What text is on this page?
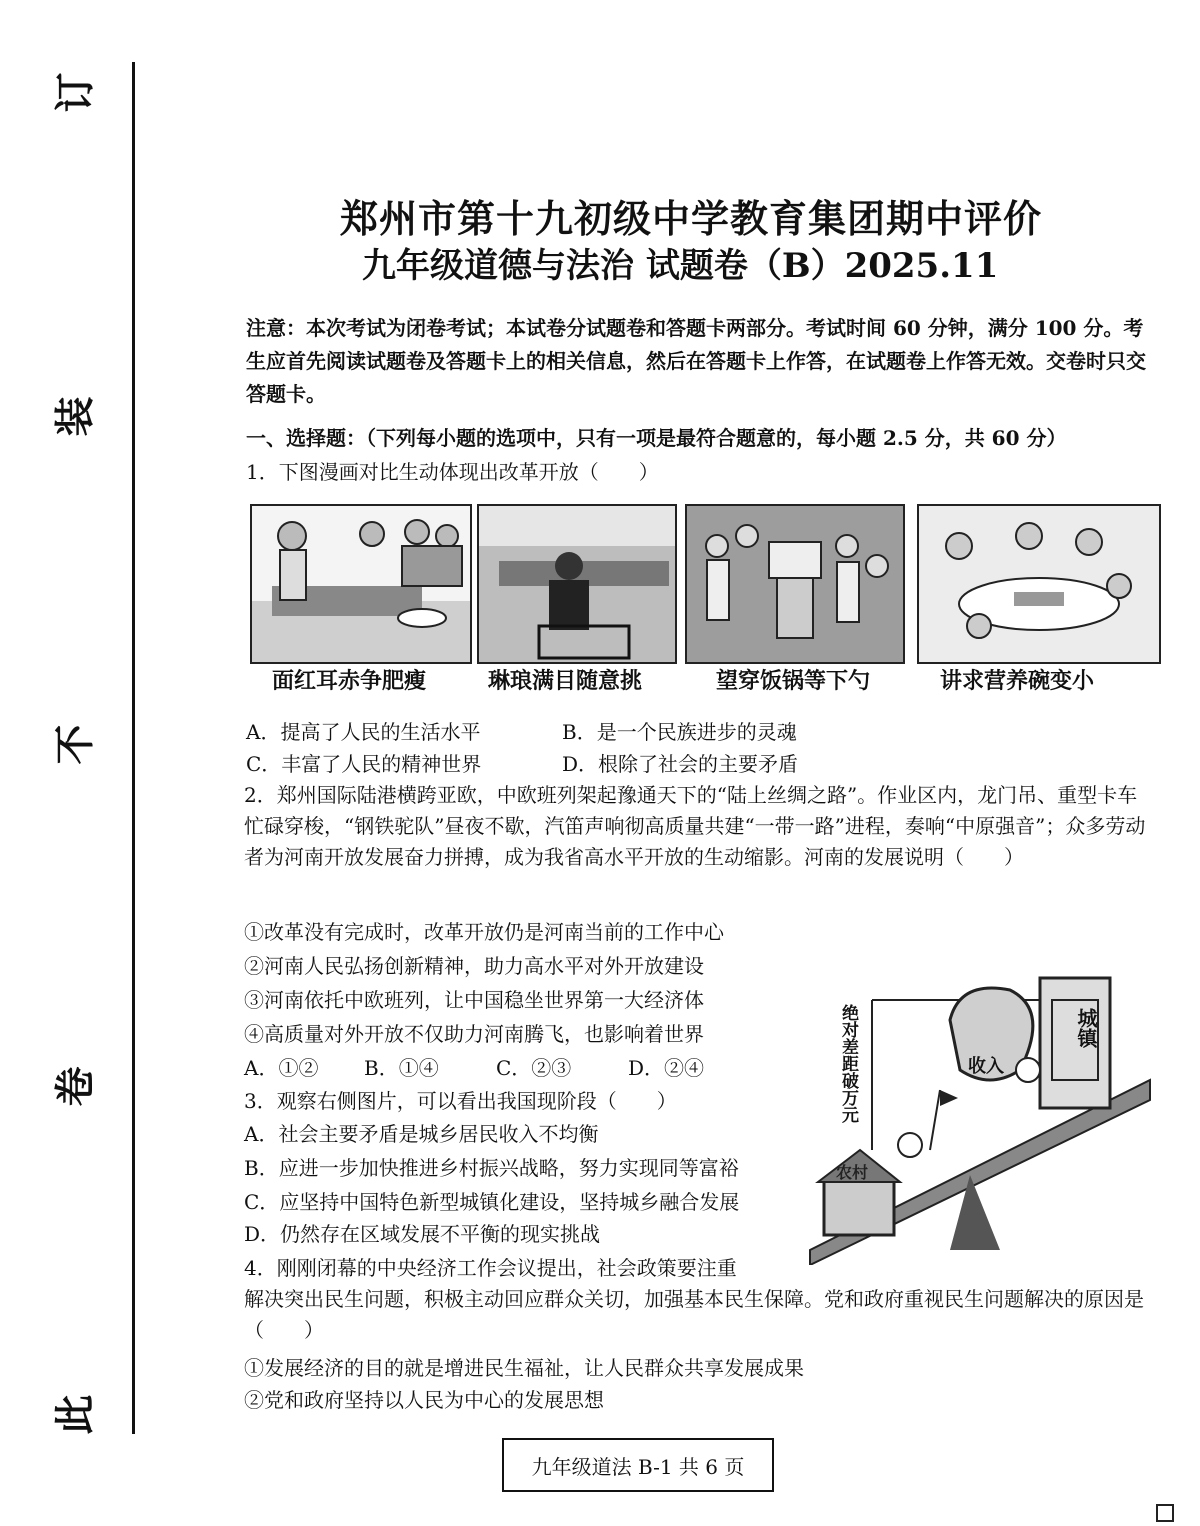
订
装
不
卷
此
郑州市第十九初级中学教育集团期中评价
九年级道德与法治 试题卷（B）2025.11
注意：本次考试为闭卷考试；本试卷分试题卷和答题卡两部分。考试时间 60 分钟，满分 100 分。考生应首先阅读试题卷及答题卡上的相关信息，然后在答题卡上作答，在试题卷上作答无效。交卷时只交答题卡。
一、选择题：（下列每小题的选项中，只有一项是最符合题意的，每小题 2.5 分，共 60 分）
1．下图漫画对比生动体现出改革开放（　　）
面红耳赤争肥瘦	琳琅满目随意挑	望穿饭锅等下勺	讲求营养碗变小
A．提高了人民的生活水平	B．是一个民族进步的灵魂
C．丰富了人民的精神世界	D．根除了社会的主要矛盾
2．郑州国际陆港横跨亚欧，中欧班列架起豫通天下的“陆上丝绸之路”。作业区内，龙门吊、重型卡车忙碌穿梭，“钢铁驼队”昼夜不歇，汽笛声响彻高质量共建“一带一路”进程，奏响“中原强音”；众多劳动者为河南开放发展奋力拼搏，成为我省高水平开放的生动缩影。河南的发展说明（　　）
①改革没有完成时，改革开放仍是河南当前的工作中心
②河南人民弘扬创新精神，助力高水平对外开放建设
③河南依托中欧班列，让中国稳坐世界第一大经济体
④高质量对外开放不仅助力河南腾飞，也影响着世界
A．①② B．①④	C．②③	D．②④
3．观察右侧图片，可以看出我国现阶段（　　）
A．社会主要矛盾是城乡居民收入不均衡
B．应进一步加快推进乡村振兴战略，努力实现同等富裕
C．应坚持中国特色新型城镇化建设，坚持城乡融合发展
D．仍然存在区域发展不平衡的现实挑战
绝对差距破万元	城镇
收入
农村
4．刚刚闭幕的中央经济工作会议提出，社会政策要注重
解决突出民生问题，积极主动回应群众关切，加强基本民生保障。党和政府重视民生问题解决的原因是（　　）
①发展经济的目的就是增进民生福祉，让人民群众共享发展成果
②党和政府坚持以人民为中心的发展思想
九年级道法 B-1 共 6 页
